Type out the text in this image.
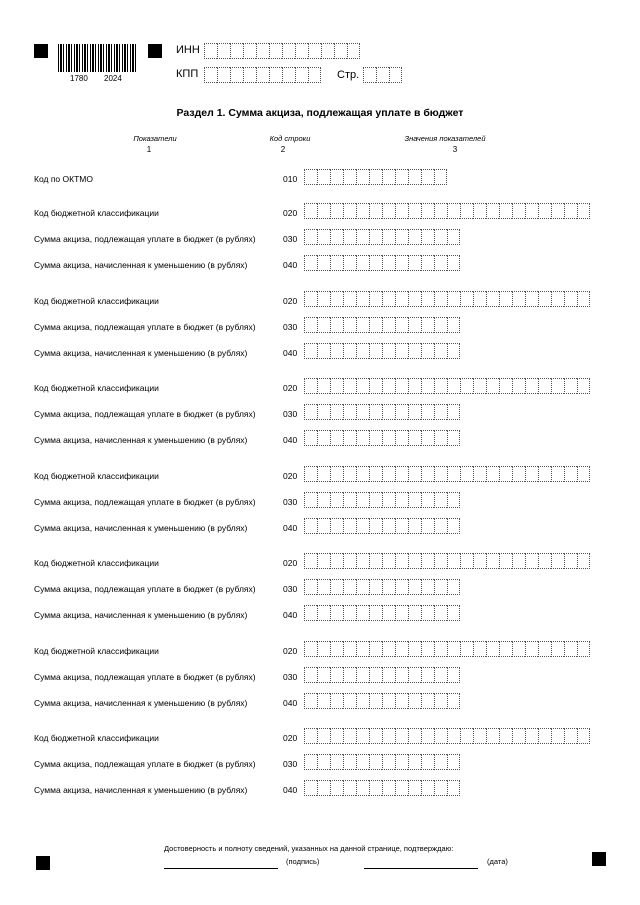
1780 2024
ИНН
КПП	Стр.
Раздел 1. Сумма акциза, подлежащая уплате в бюджет
Показатели
1
Код строки
2
Значения показателей
3
Код по ОКТМО	010
Код бюджетной классификации	020
Сумма акциза, подлежащая уплате в бюджет (в рублях)	030
Сумма акциза, начисленная к уменьшению (в рублях)	040
Код бюджетной классификации	020
Сумма акциза, подлежащая уплате в бюджет (в рублях)	030
Сумма акциза, начисленная к уменьшению (в рублях)	040
Код бюджетной классификации	020
Сумма акциза, подлежащая уплате в бюджет (в рублях)	030
Сумма акциза, начисленная к уменьшению (в рублях)	040
Код бюджетной классификации	020
Сумма акциза, подлежащая уплате в бюджет (в рублях)	030
Сумма акциза, начисленная к уменьшению (в рублях)	040
Код бюджетной классификации	020
Сумма акциза, подлежащая уплате в бюджет (в рублях)	030
Сумма акциза, начисленная к уменьшению (в рублях)	040
Код бюджетной классификации	020
Сумма акциза, подлежащая уплате в бюджет (в рублях)	030
Сумма акциза, начисленная к уменьшению (в рублях)	040
Код бюджетной классификации	020
Сумма акциза, подлежащая уплате в бюджет (в рублях)	030
Сумма акциза, начисленная к уменьшению (в рублях)	040
Достоверность и полноту сведений, указанных на данной странице, подтверждаю:
(подпись)	(дата)
